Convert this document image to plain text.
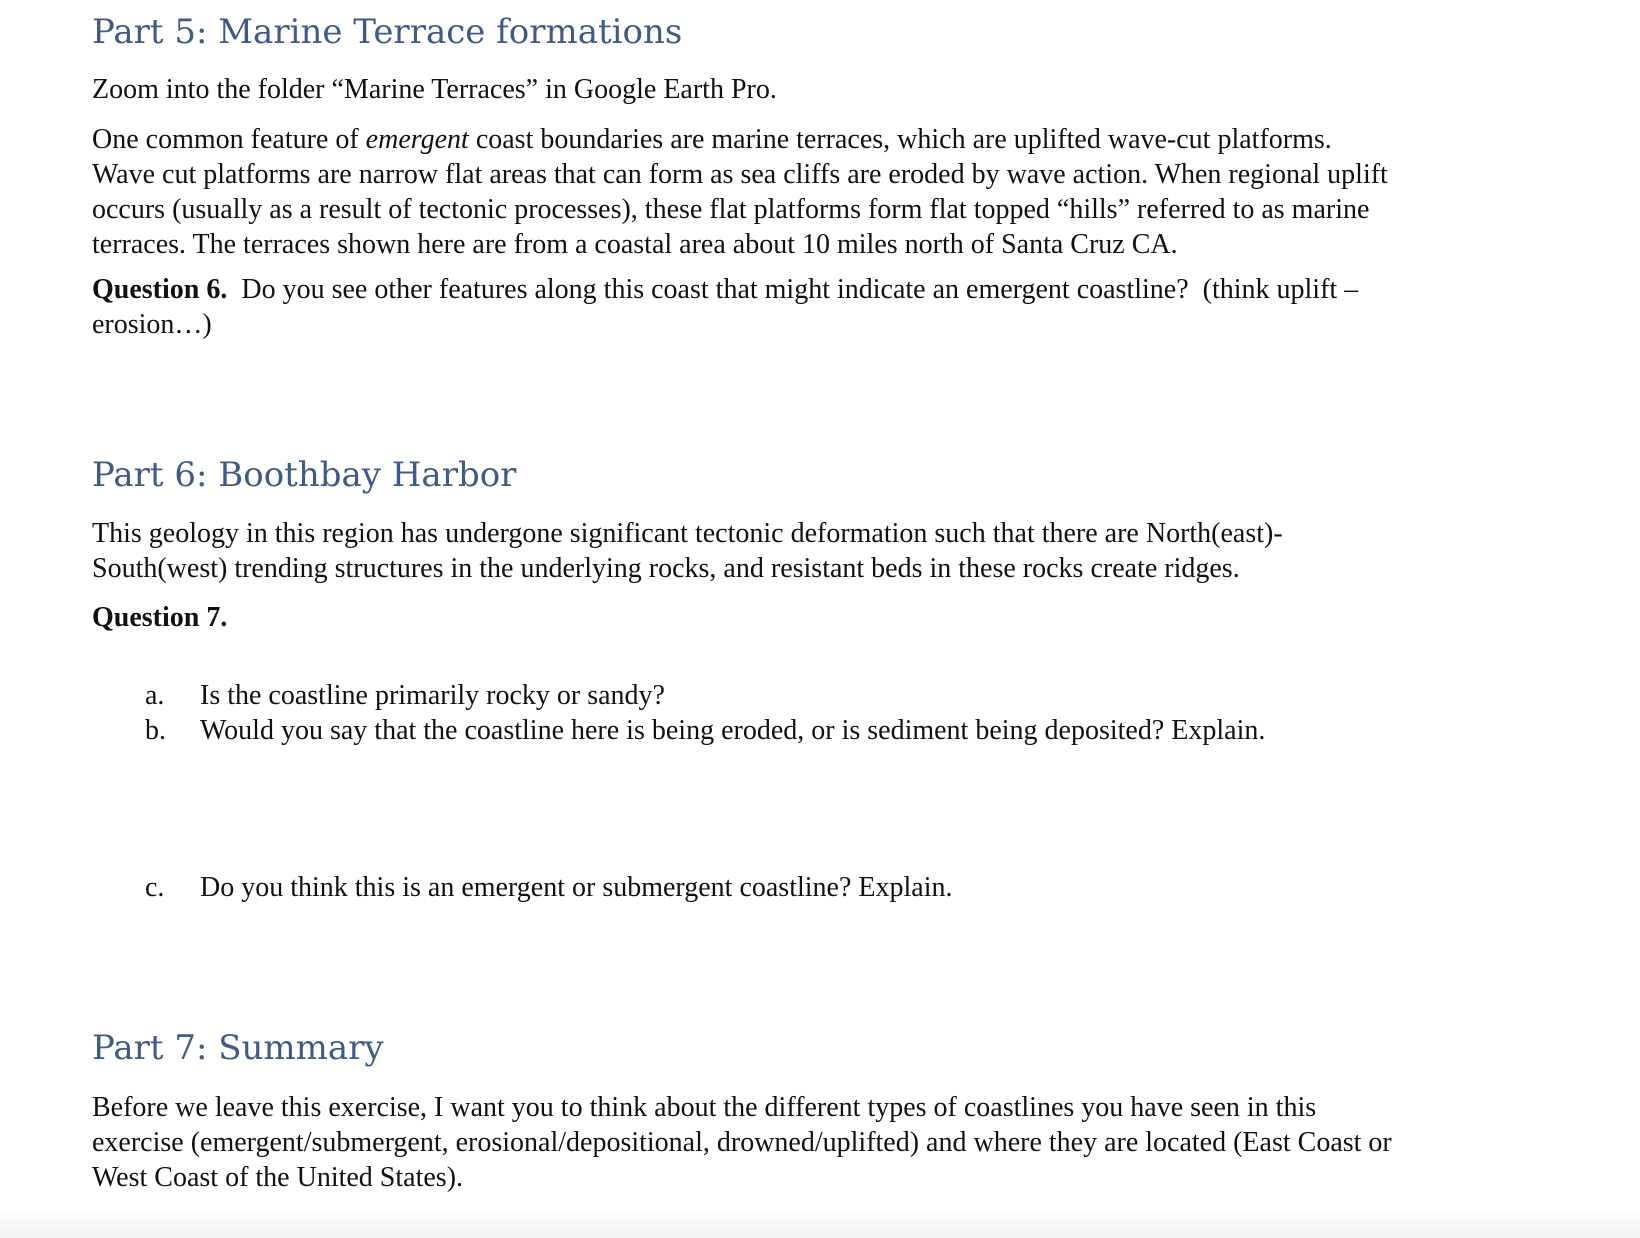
Part 5: Marine Terrace formations

Zoom into the folder “Marine Terraces” in Google Earth Pro.

One common feature of emergent coast boundaries are marine terraces, which are uplifted wave-cut platforms.
Wave cut platforms are narrow flat areas that can form as sea cliffs are eroded by wave action. When regional uplift
occurs (usually as a result of tectonic processes), these flat platforms form flat topped “hills” referred to as marine
terraces. The terraces shown here are from a coastal area about 10 miles north of Santa Cruz CA.

Question 6.  Do you see other features along this coast that might indicate an emergent coastline?  (think uplift –
erosion…)

Part 6: Boothbay Harbor

This geology in this region has undergone significant tectonic deformation such that there are North(east)-
South(west) trending structures in the underlying rocks, and resistant beds in these rocks create ridges.

Question 7.

a. Is the coastline primarily rocky or sandy?

b. Would you say that the coastline here is being eroded, or is sediment being deposited? Explain.

c. Do you think this is an emergent or submergent coastline? Explain.

Part 7: Summary

Before we leave this exercise, I want you to think about the different types of coastlines you have seen in this
exercise (emergent/submergent, erosional/depositional, drowned/uplifted) and where they are located (East Coast or
West Coast of the United States).
